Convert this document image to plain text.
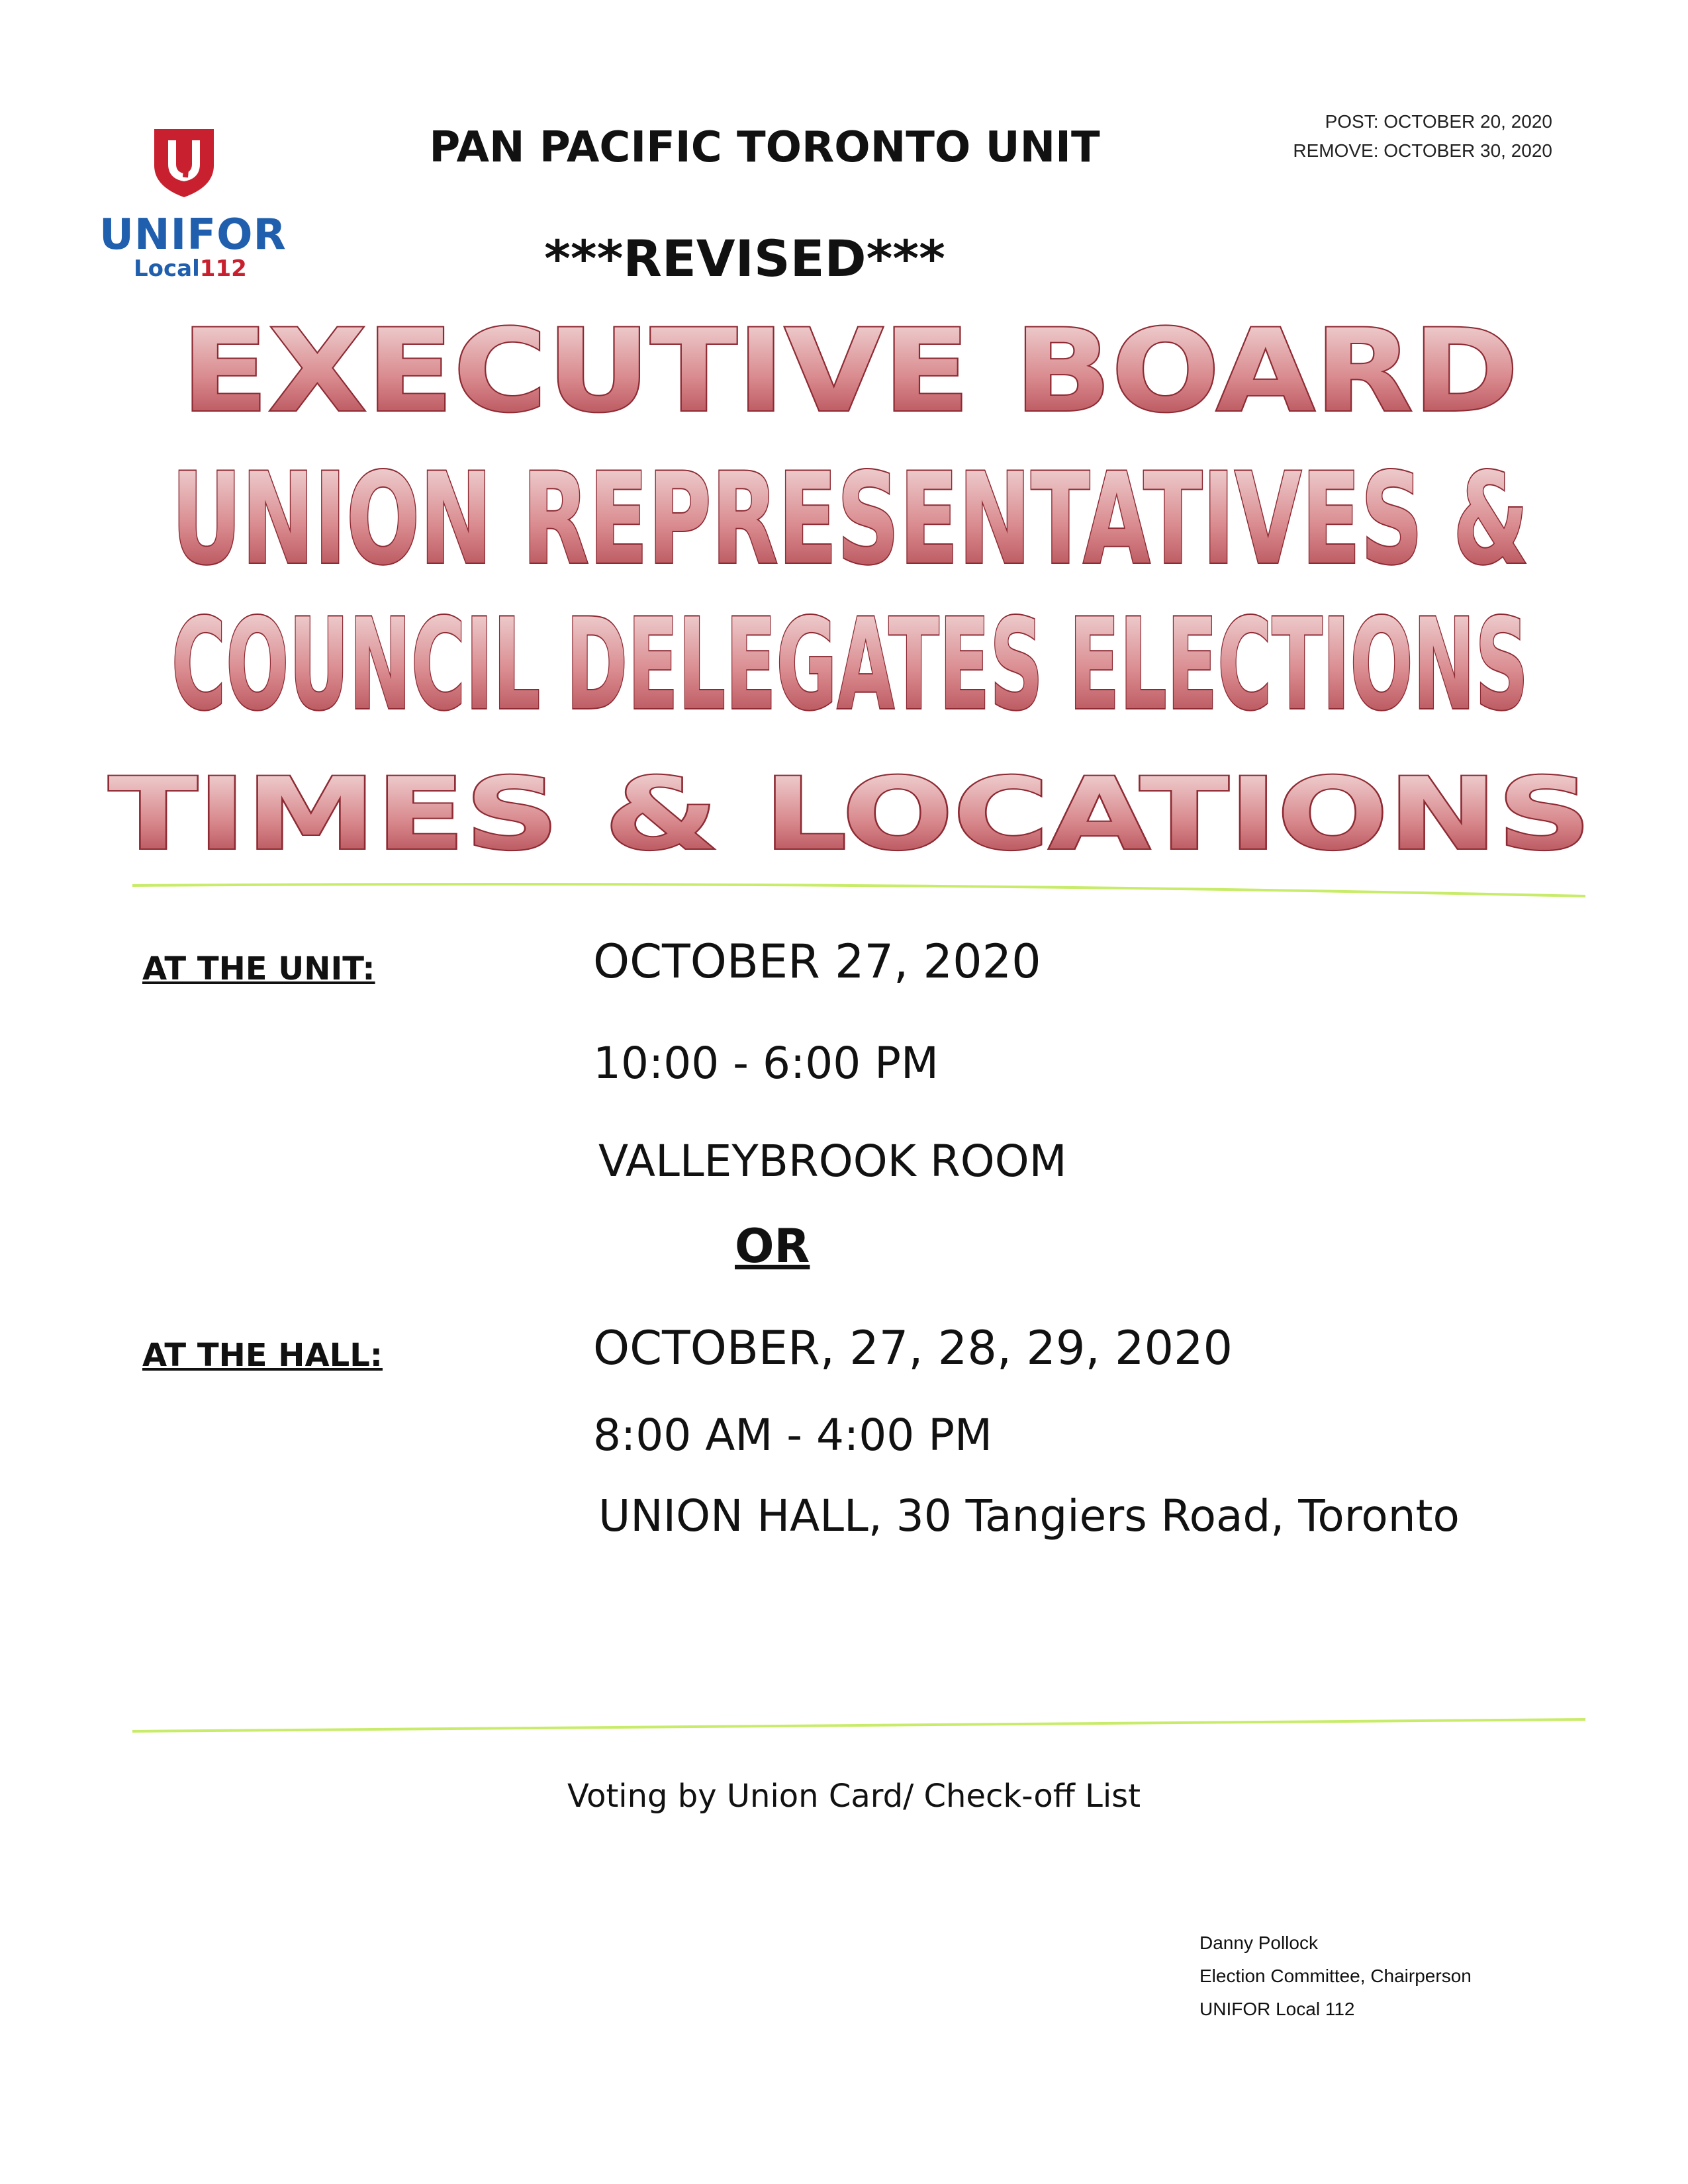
UNIFOR
Local112
PAN PACIFIC TORONTO UNIT
POST: OCTOBER 20, 2020
REMOVE: OCTOBER 30, 2020
***REVISED***
EXECUTIVE BOARD
UNION REPRESENTATIVES &
COUNCIL DELEGATES ELECTIONS
TIMES & LOCATIONS
AT THE UNIT:	OCTOBER 27, 2020
10:00 - 6:00 PM
VALLEYBROOK ROOM
OR
AT THE HALL:	OCTOBER, 27, 28, 29, 2020
8:00 AM - 4:00 PM
UNION HALL, 30 Tangiers Road, Toronto
Voting by Union Card/ Check-off List
Danny Pollock
Election Committee, Chairperson
UNIFOR Local 112
